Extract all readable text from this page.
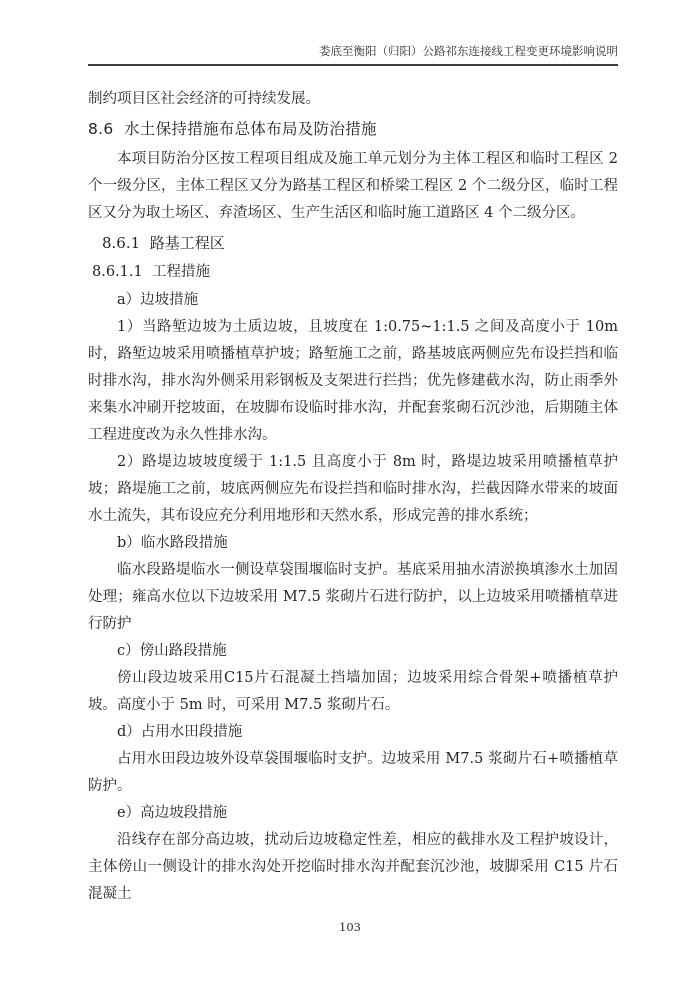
娄底至衡阳（归阳）公路祁东连接线工程变更环境影响说明

制约项目区社会经济的可持续发展。

8.6  水土保持措施布总体布局及防治措施

本项目防治分区按工程项目组成及施工单元划分为主体工程区和临时工程区 2 个一级分区，主体工程区又分为路基工程区和桥梁工程区 2 个二级分区，临时工程区又分为取土场区、弃渣场区、生产生活区和临时施工道路区 4 个二级分区。

8.6.1  路基工程区
8.6.1.1  工程措施

a）边坡措施

1）当路堑边坡为土质边坡，且坡度在 1:0.75~1:1.5 之间及高度小于 10m 时，路堑边坡采用喷播植草护坡；路堑施工之前，路基坡底两侧应先布设拦挡和临时排水沟，排水沟外侧采用彩钢板及支架进行拦挡；优先修建截水沟，防止雨季外来集水冲刷开挖坡面，在坡脚布设临时排水沟，并配套浆砌石沉沙池，后期随主体工程进度改为永久性排水沟。

2）路堤边坡坡度缓于 1:1.5 且高度小于 8m 时，路堤边坡采用喷播植草护坡；路堤施工之前，坡底两侧应先布设拦挡和临时排水沟，拦截因降水带来的坡面水土流失，其布设应充分利用地形和天然水系，形成完善的排水系统；

b）临水路段措施

临水段路堤临水一侧设草袋围堰临时支护。基底采用抽水清淤换填渗水土加固处理；雍高水位以下边坡采用 M7.5 浆砌片石进行防护，以上边坡采用喷播植草进行防护

c）傍山路段措施

傍山段边坡采用C15片石混凝土挡墙加固；边坡采用综合骨架+喷播植草护坡。高度小于 5m 时，可采用 M7.5 浆砌片石。

d）占用水田段措施

占用水田段边坡外设草袋围堰临时支护。边坡采用 M7.5 浆砌片石+喷播植草防护。

e）高边坡段措施

沿线存在部分高边坡，扰动后边坡稳定性差，相应的截排水及工程护坡设计， 主体傍山一侧设计的排水沟处开挖临时排水沟并配套沉沙池，坡脚采用 C15 片石混凝土

103
